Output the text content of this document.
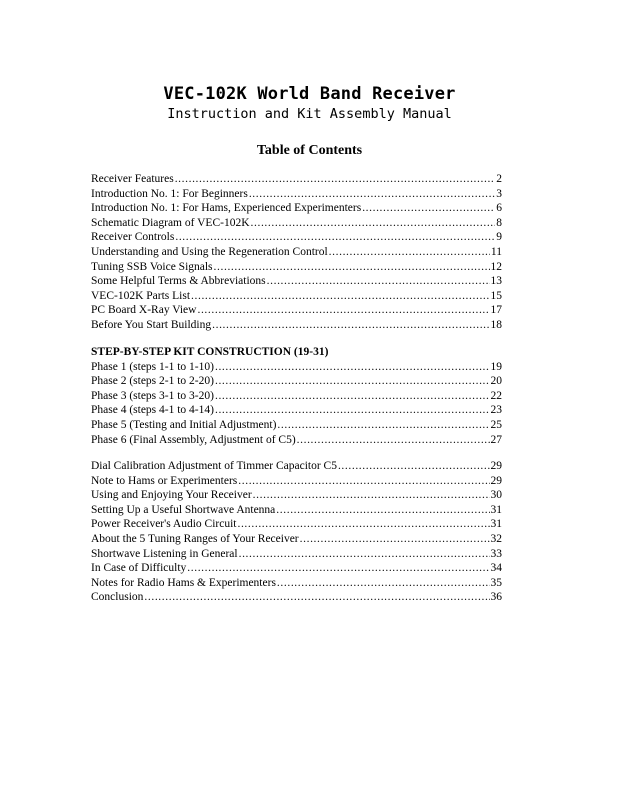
VEC-102K World Band Receiver
Instruction and Kit Assembly Manual
Table of Contents
Receiver Features .....	2
Introduction No. 1: For Beginners .....	3
Introduction No. 1: For Hams, Experienced Experimenters .....	6
Schematic Diagram of VEC-102K .....	8
Receiver Controls .....	9
Understanding and Using the Regeneration Control .....	11
Tuning SSB Voice Signals .....	12
Some Helpful Terms & Abbreviations .....	13
VEC-102K Parts List .....	15
PC Board X-Ray View .....	17
Before You Start Building .....	18
STEP-BY-STEP KIT CONSTRUCTION (19-31)
Phase 1 (steps 1-1 to 1-10) .....	19
Phase 2 (steps 2-1 to 2-20) .....	20
Phase 3 (steps 3-1 to 3-20) .....	22
Phase 4 (steps 4-1 to 4-14) .....	23
Phase 5 (Testing and Initial Adjustment) .....	25
Phase 6 (Final Assembly, Adjustment of C5) .....	27
Dial Calibration Adjustment of Timmer Capacitor C5 .....	29
Note to Hams or Experimenters .....	29
Using and Enjoying Your Receiver .....	30
Setting Up a Useful Shortwave Antenna .....	31
Power Receiver's Audio Circuit .....	31
About the 5 Tuning Ranges of Your Receiver .....	32
Shortwave Listening in General .....	33
In Case of Difficulty .....	34
Notes for Radio Hams & Experimenters .....	35
Conclusion .....	36
